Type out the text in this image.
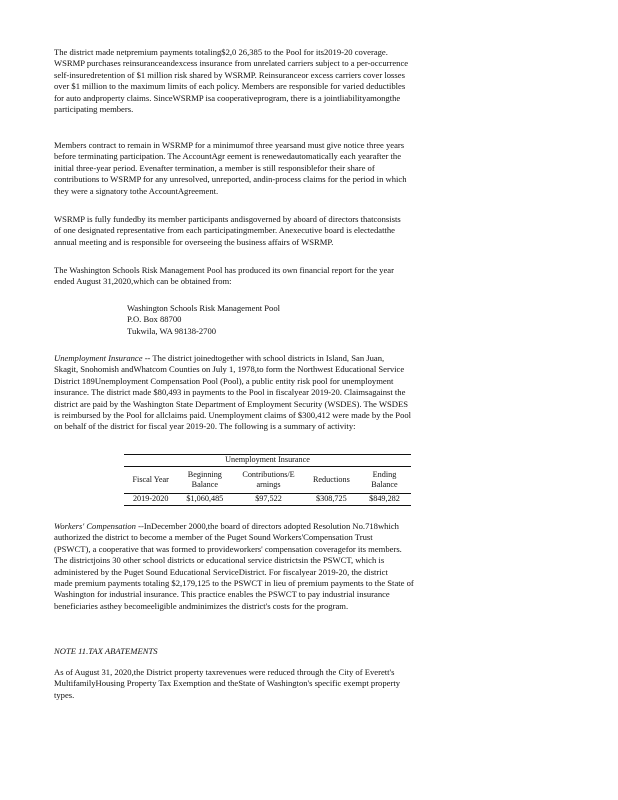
The district made netpremium payments totaling$2,0 26,385 to the Pool for its2019-20 coverage.
WSRMP purchases reinsuranceandexcess insurance from unrelated carriers subject to a per-occurrence
self-insuredretention of $1 million risk shared by WSRMP. Reinsuranceor excess carriers cover losses
over $1 million to the maximum limits of each policy. Members are responsible for varied deductibles
for auto andproperty claims. SinceWSRMP isa cooperativeprogram, there is a jointliabilityamongthe
participating members.

Members contract to remain in WSRMP for a minimumof three yearsand must give notice three years
before terminating participation. The AccountAgr eement is renewedautomatically each yearafter the
initial three-year period. Evenafter termination, a member is still responsiblefor their share of
contributions to WSRMP for any unresolved, unreported, andin-process claims for the period in which
they were a signatory tothe AccountAgreement.

WSRMP is fully fundedby its member participants andisgoverned by aboard of directors thatconsists
of one designated representative from each participatingmember. Anexecutive board is electedatthe
annual meeting and is responsible for overseeing the business affairs of WSRMP.

The Washington Schools Risk Management Pool has produced its own financial report for the year
ended August 31,2020,which can be obtained from:

Washington Schools Risk Management Pool
P.O. Box 88700
Tukwila, WA 98138-2700

Unemployment Insurance -- The district joinedtogether with school districts in Island, San Juan,
Skagit, Snohomish andWhatcom Counties on July 1, 1978,to form the Northwest Educational Service
District 189Unemployment Compensation Pool (Pool), a public entity risk pool for unemployment
insurance. The district made $80,493 in payments to the Pool in fiscalyear 2019-20. Claimsagainst the
district are paid by the Washington State Department of Employment Security (WSDES). The WSDES
is reimbursed by the Pool for allclaims paid. Unemployment claims of $300,412 were made by the Pool
on behalf of the district for fiscal year 2019-20. The following is a summary of activity:

Unemployment Insurance				
Fiscal Year	Beginning Balance	Contributions/E arnings	Reductions	Ending Balance
2019-2020	$1,060,485	$97,522	$308,725	$849,282

Workers' Compensation --InDecember 2000,the board of directors adopted Resolution No.718which
authorized the district to become a member of the Puget Sound Workers'Compensation Trust
(PSWCT), a cooperative that was formed to provideworkers' compensation coveragefor its members.
The districtjoins 30 other school districts or educational service districtsin the PSWCT, which is
administered by the Puget Sound Educational ServiceDistrict. For fiscalyear 2019-20, the district
made premium payments totaling $2,179,125 to the PSWCT in lieu of premium payments to the State of
Washington for industrial insurance. This practice enables the PSWCT to pay industrial insurance
beneficiaries asthey becomeeligible andminimizes the district's costs for the program.

NOTE 11.TAX ABATEMENTS

As of August 31, 2020,the District property taxrevenues were reduced through the City of Everett's
MultifamilyHousing Property Tax Exemption and theState of Washington's specific exempt property
types.
